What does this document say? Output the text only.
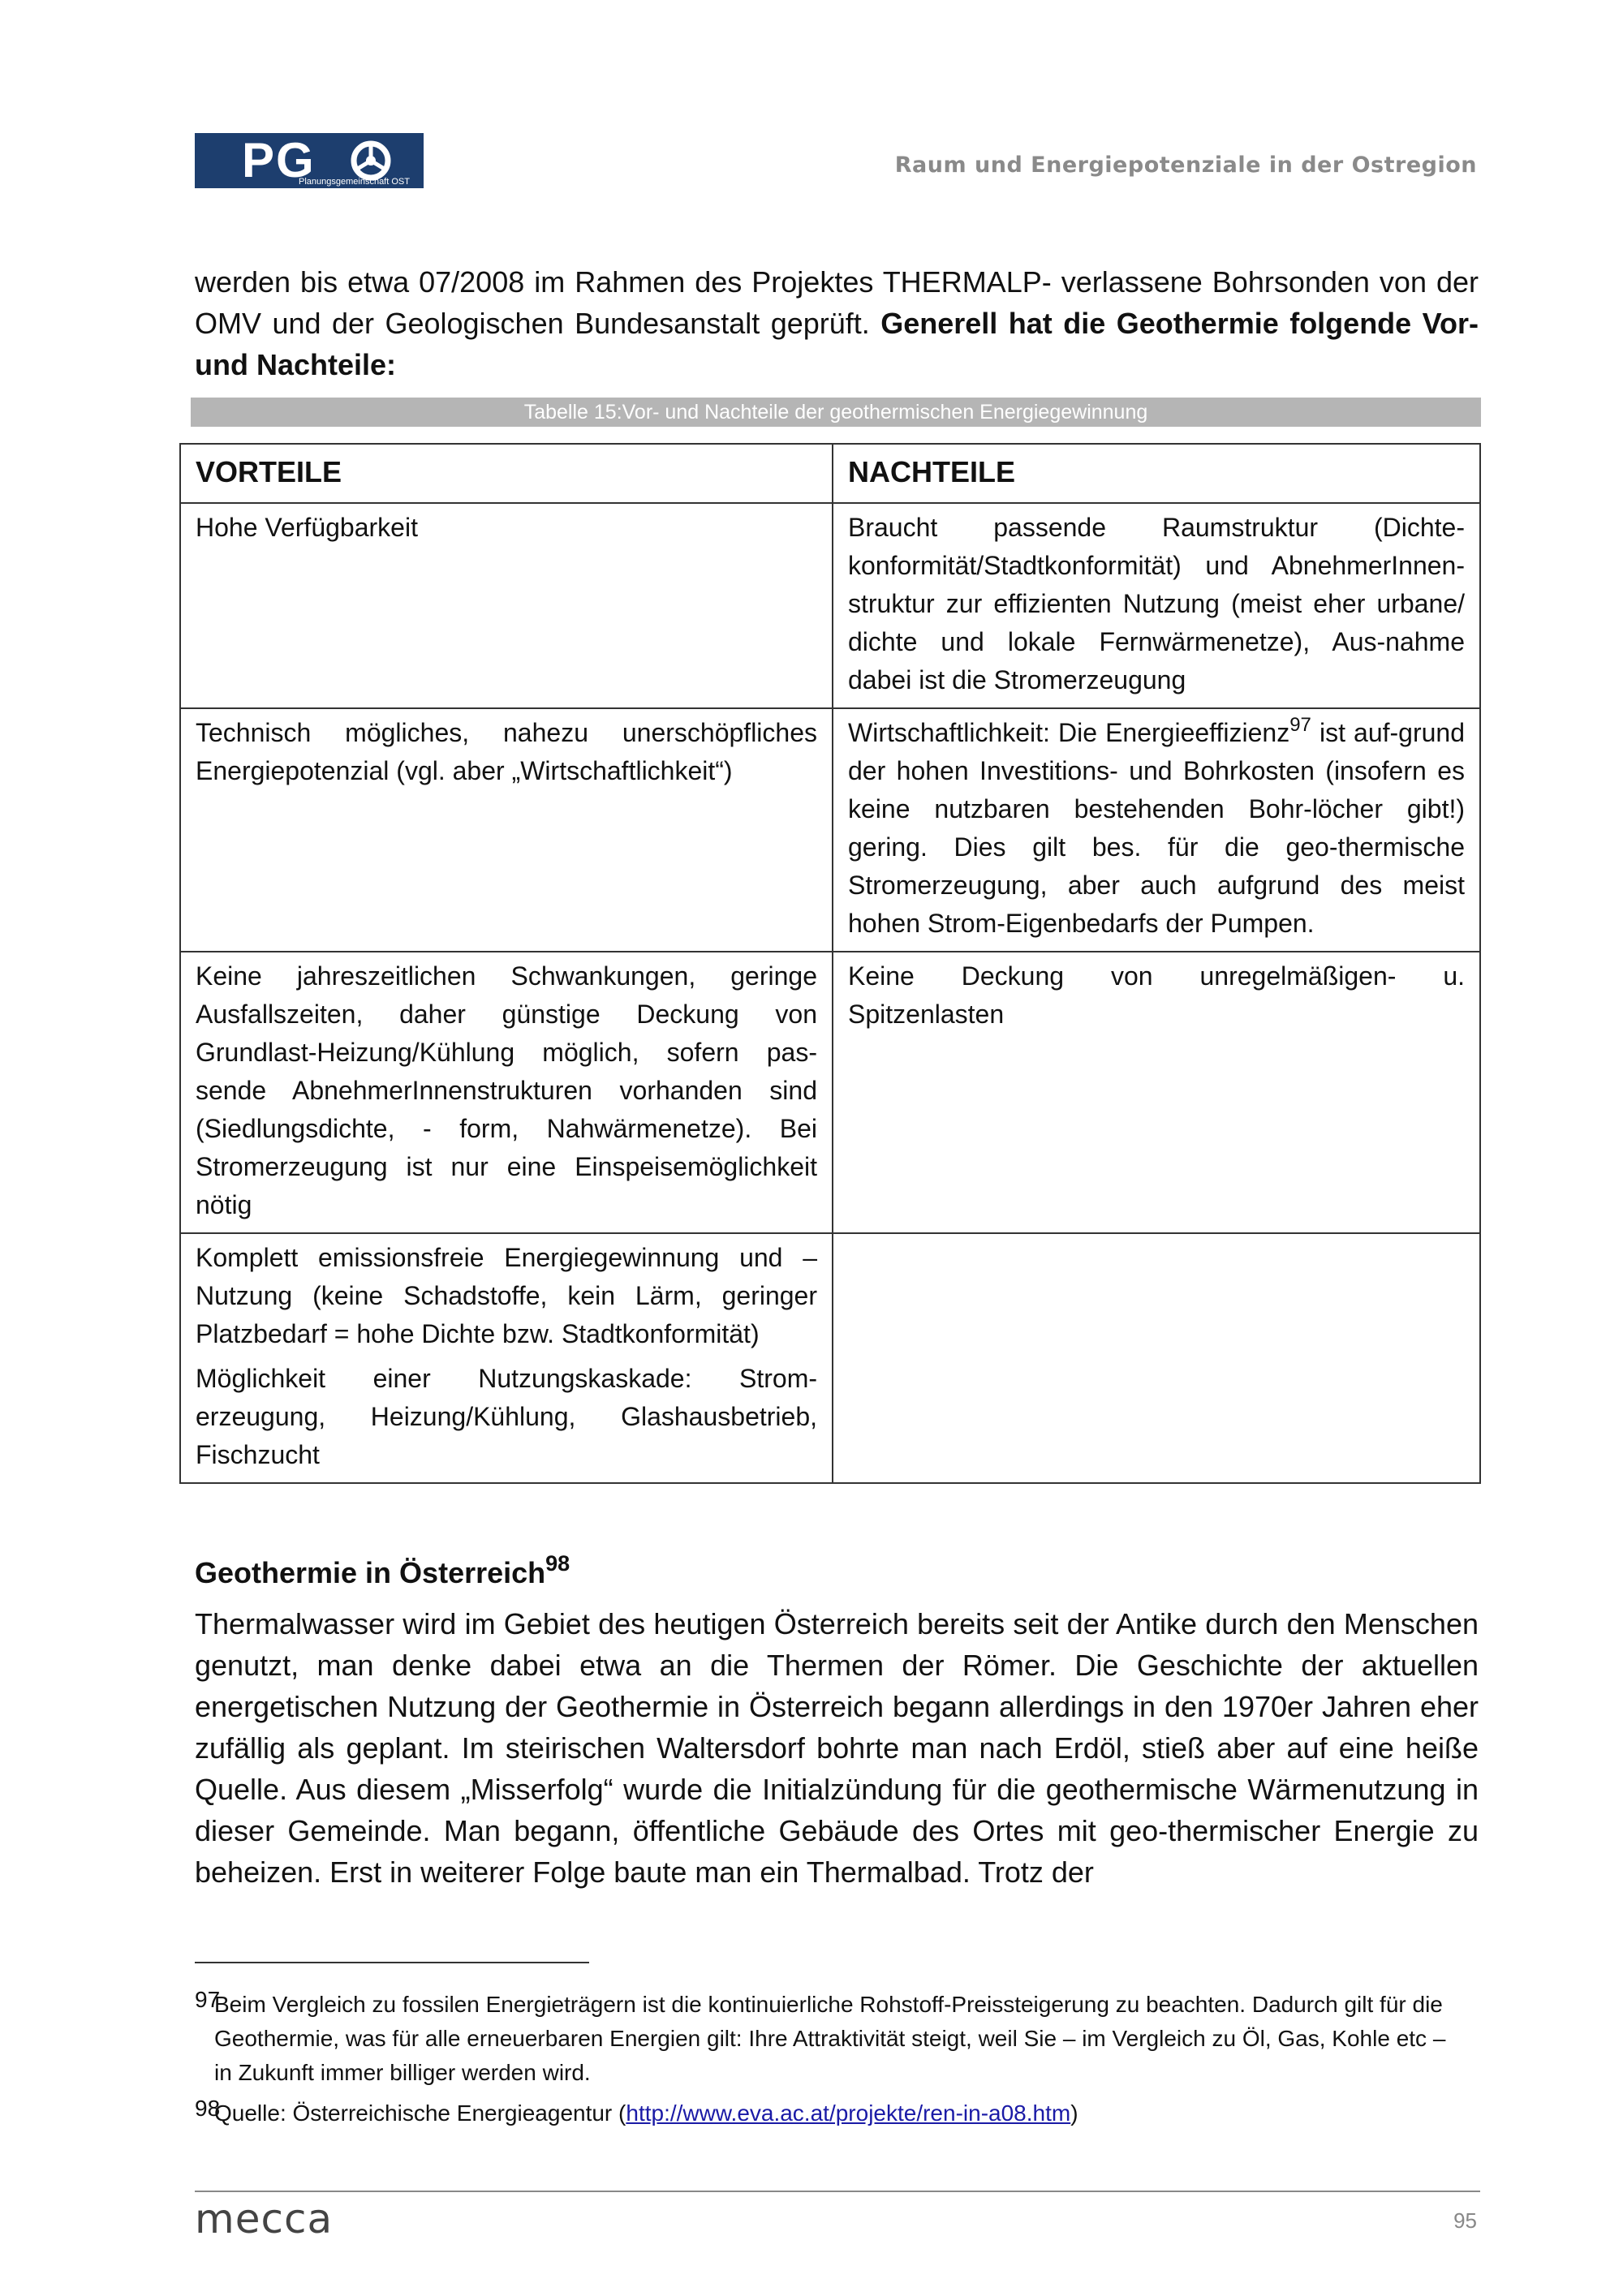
PG
Planungsgemeinschaft OST
Raum und Energiepotenziale in der Ostregion
werden bis etwa 07/2008 im Rahmen des Projektes THERMALP- verlassene Bohrsonden von der OMV und der Geologischen Bundesanstalt geprüft. Generell hat die Geothermie folgende Vor- und Nachteile:
Tabelle 15:Vor- und Nachteile der geothermischen Energiegewinnung
VORTEILE	NACHTEILE
Hohe Verfügbarkeit	Braucht passende Raumstruktur (Dichte-konformität/Stadtkonformität) und AbnehmerInnen-struktur zur effizienten Nutzung (meist eher urbane/ dichte und lokale Fernwärmenetze), Aus-nahme dabei ist die Stromerzeugung
Technisch mögliches, nahezu unerschöpfliches Energiepotenzial (vgl. aber „Wirtschaftlichkeit“)	Wirtschaftlichkeit: Die Energieeffizienz$^{97}$ ist auf-grund der hohen Investitions- und Bohrkosten (insofern es keine nutzbaren bestehenden Bohr-löcher gibt!) gering. Dies gilt bes. für die geo-thermische Stromerzeugung, aber auch aufgrund des meist hohen Strom-Eigenbedarfs der Pumpen.
Keine jahreszeitlichen Schwankungen, geringe Ausfallszeiten, daher günstige Deckung von Grundlast-Heizung/Kühlung möglich, sofern pas-sende AbnehmerInnenstrukturen vorhanden sind (Siedlungsdichte, - form, Nahwärmenetze). Bei Stromerzeugung ist nur eine Einspeisemöglichkeit nötig	Keine Deckung von unregelmäßigen- u. Spitzenlasten

Komplett emissionsfreie Energiegewinnung und – Nutzung (keine Schadstoffe, kein Lärm, geringer Platzbedarf = hohe Dichte bzw. Stadtkonformität)

Möglichkeit einer Nutzungskaskade: Strom-erzeugung, Heizung/Kühlung, Glashausbetrieb, Fischzucht	

Geothermie in Österreich$^{98}$
Thermalwasser wird im Gebiet des heutigen Österreich bereits seit der Antike durch den Menschen genutzt, man denke dabei etwa an die Thermen der Römer. Die Geschichte der aktuellen energetischen Nutzung der Geothermie in Österreich begann allerdings in den 1970er Jahren eher zufällig als geplant. Im steirischen Waltersdorf bohrte man nach Erdöl, stieß aber auf eine heiße Quelle. Aus diesem „Misserfolg“ wurde die Initialzündung für die geothermische Wärmenutzung in dieser Gemeinde. Man begann, öffentliche Gebäude des Ortes mit geo-thermischer Energie zu beheizen. Erst in weiterer Folge baute man ein Thermalbad. Trotz der
97
Beim Vergleich zu fossilen Energieträgern ist die kontinuierliche Rohstoff-Preissteigerung zu beachten. Dadurch gilt für die Geothermie, was für alle erneuerbaren Energien gilt: Ihre Attraktivität steigt, weil Sie – im Vergleich zu Öl, Gas, Kohle etc – in Zukunft immer billiger werden wird.
98
Quelle: Österreichische Energieagentur (http://www.eva.ac.at/projekte/ren-in-a08.htm)
mecca	95
